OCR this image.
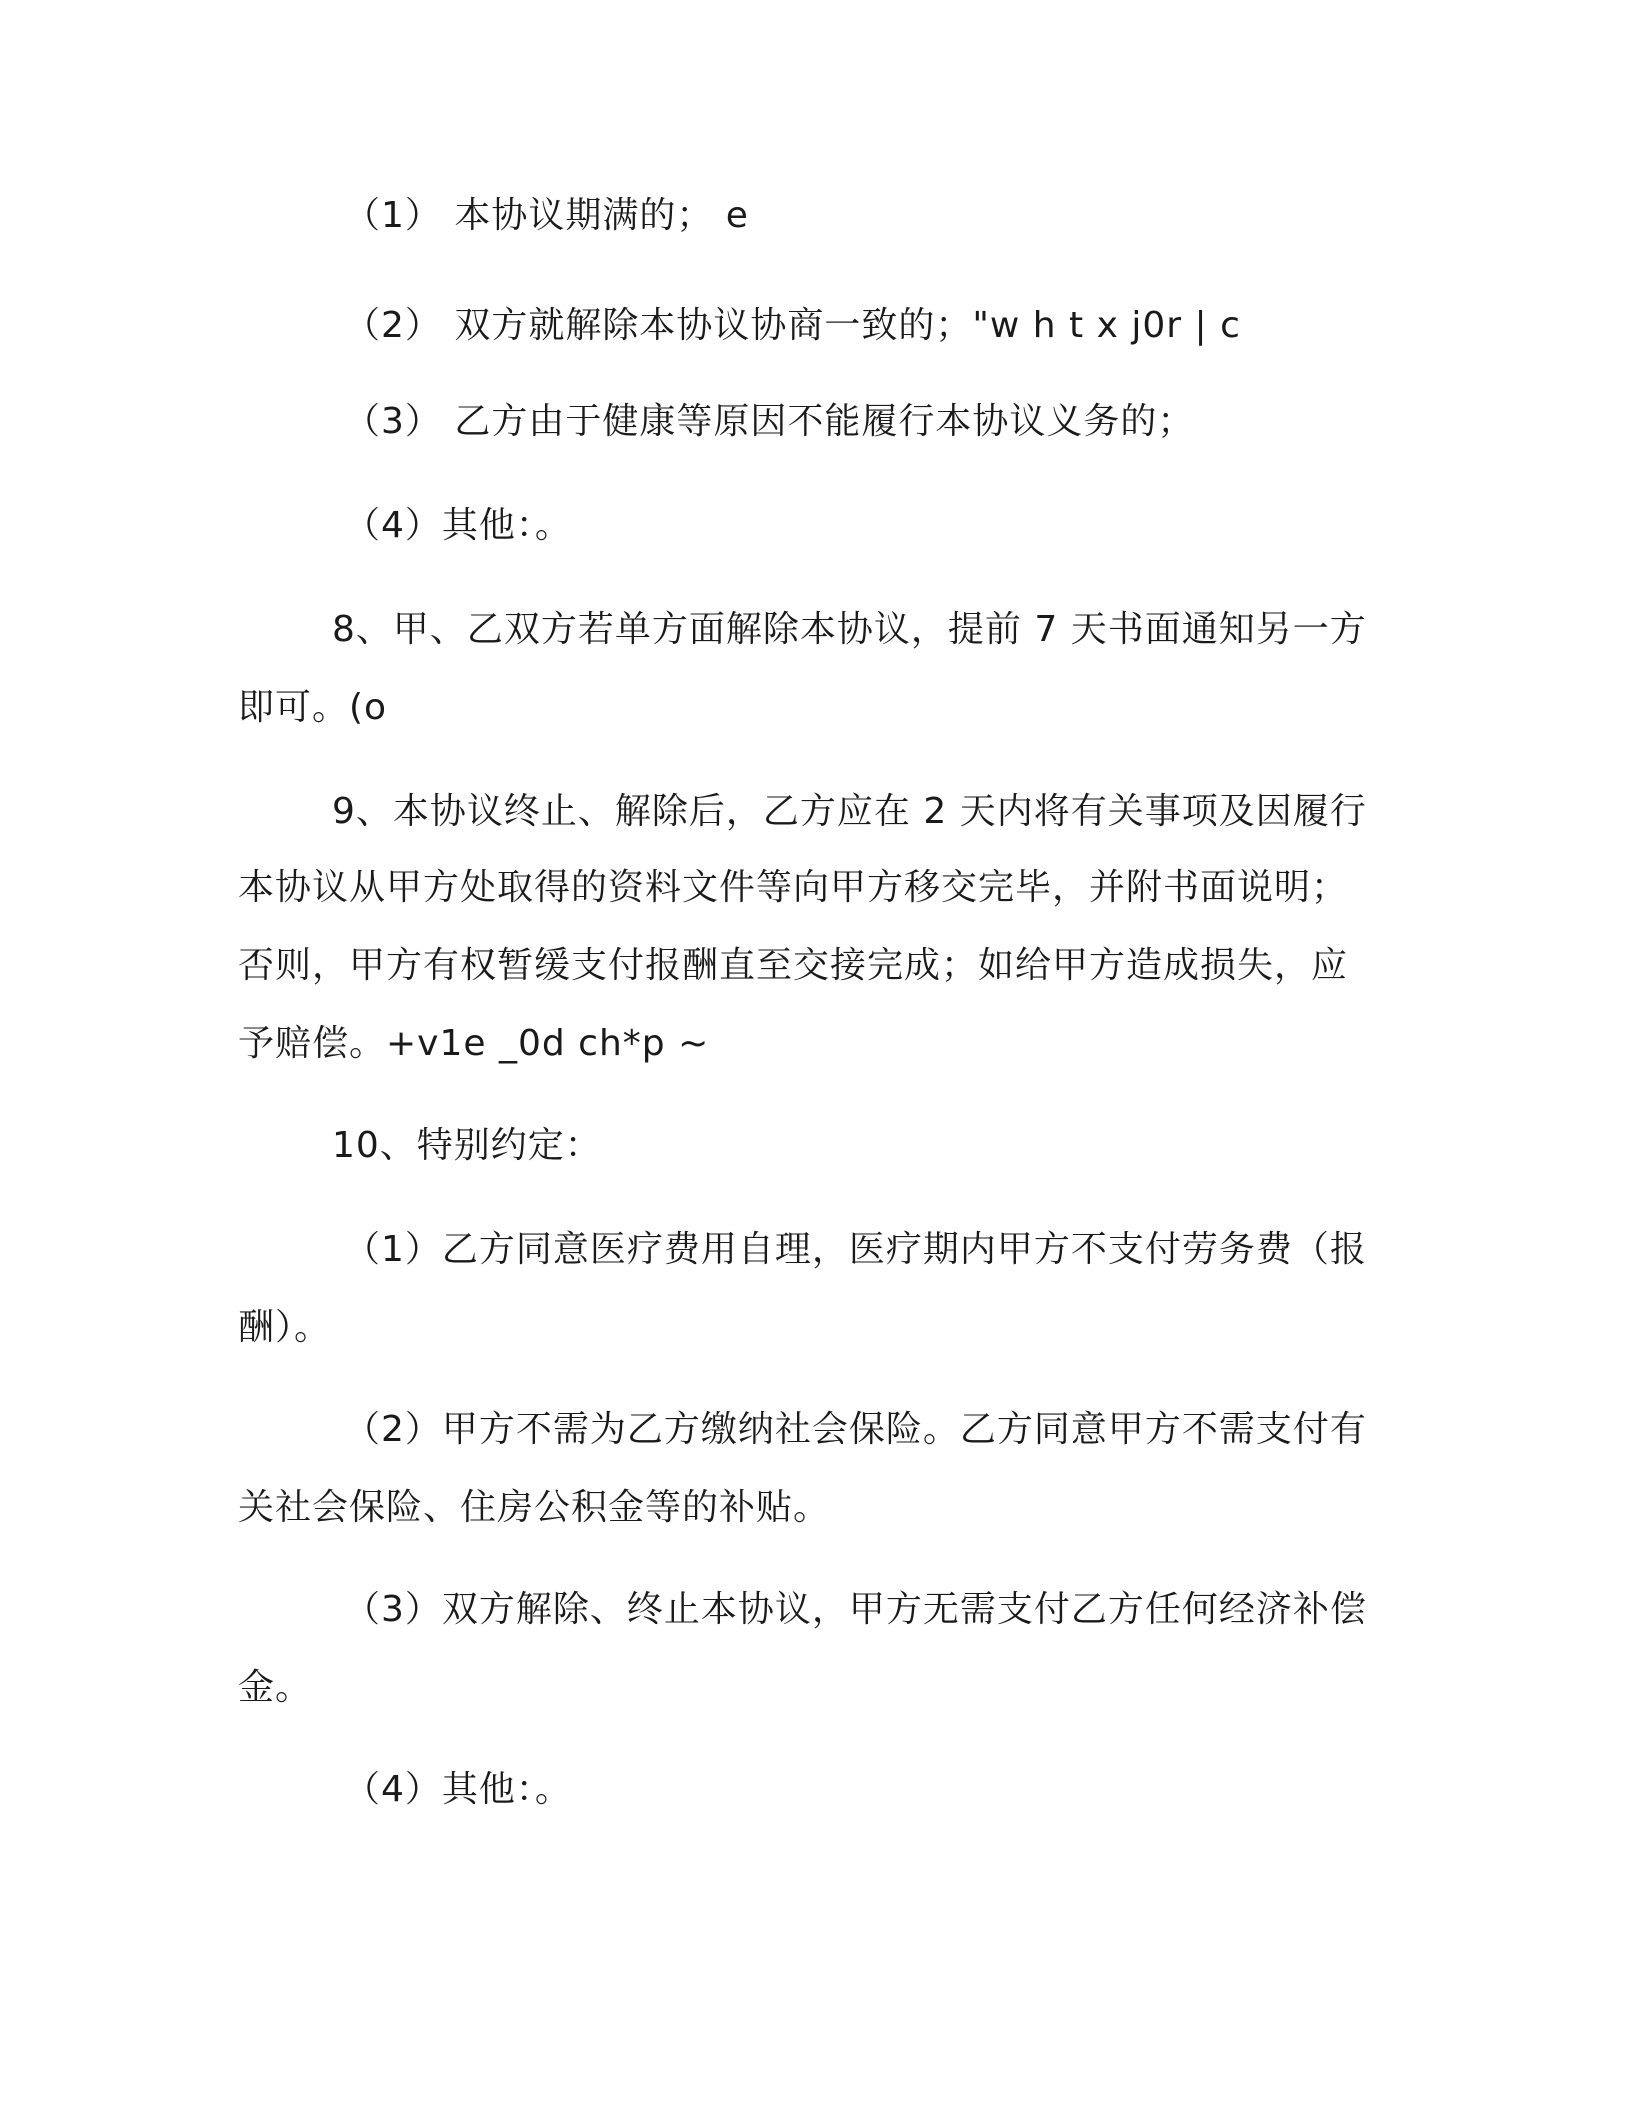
（1） 本协议期满的； e
（2） 双方就解除本协议协商一致的；"w h t x j0r | c
（3） 乙方由于健康等原因不能履行本协议义务的；
（4）其他：。
8、甲、乙双方若单方面解除本协议，提前 7 天书面通知另一方
即可。(o
9、本协议终止、解除后，乙方应在 2 天内将有关事项及因履行
本协议从甲方处取得的资料文件等向甲方移交完毕，并附书面说明；
否则，甲方有权暂缓支付报酬直至交接完成；如给甲方造成损失，应
予赔偿。+v1e _0d ch*p ~
10、特别约定：
（1）乙方同意医疗费用自理，医疗期内甲方不支付劳务费（报
酬）。
（2）甲方不需为乙方缴纳社会保险。乙方同意甲方不需支付有
关社会保险、住房公积金等的补贴。
（3）双方解除、终止本协议，甲方无需支付乙方任何经济补偿
金。
（4）其他：。
